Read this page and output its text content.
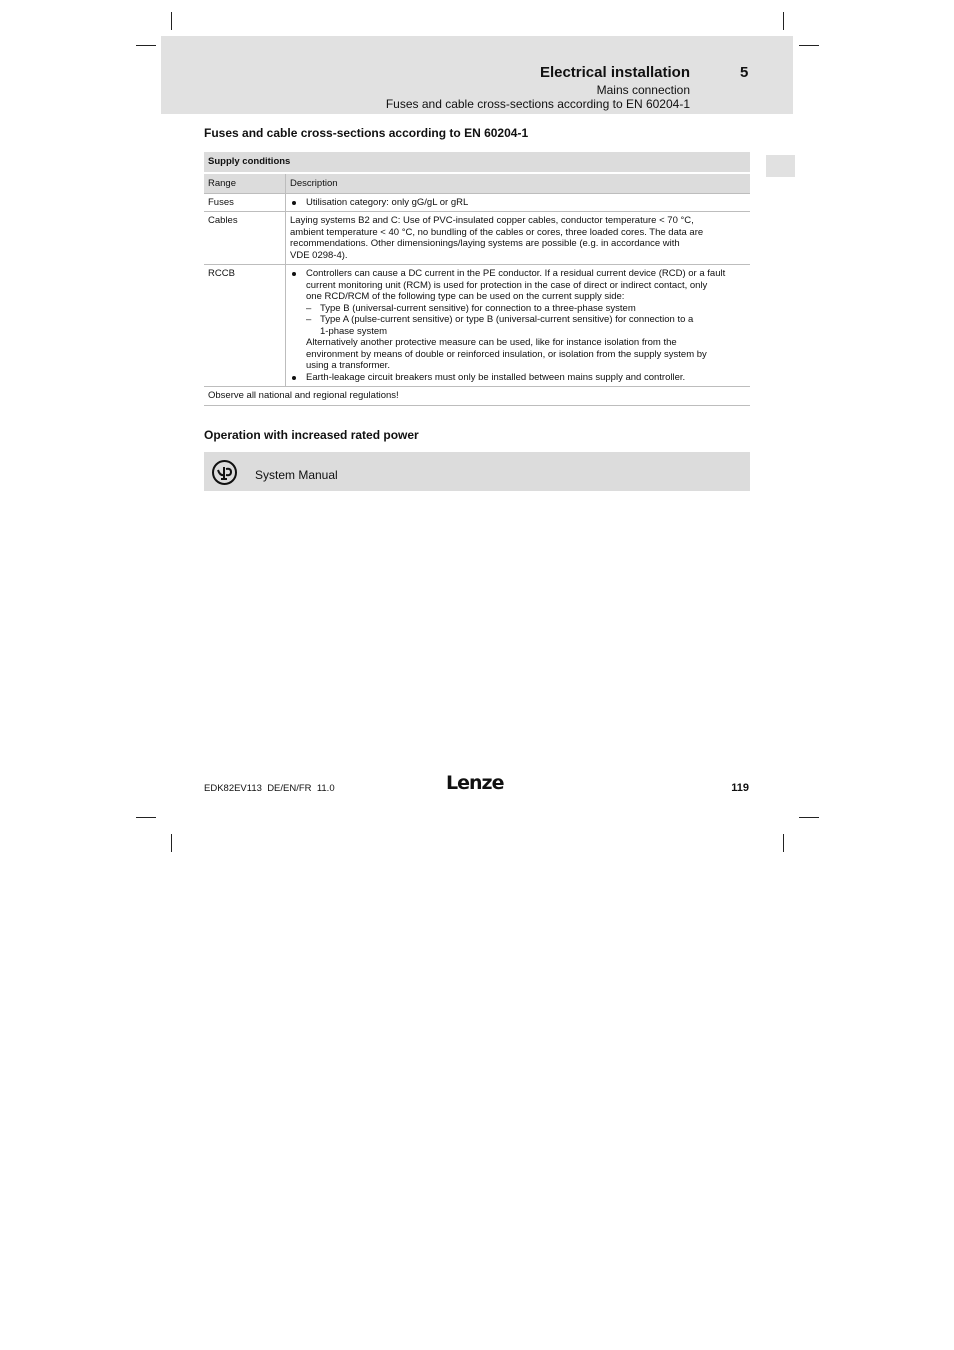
Electrical installation	5
Mains connection
Fuses and cable cross-sections according to EN 60204-1
Fuses and cable cross-sections according to EN 60204-1
Supply conditions
Range	Description
Fuses	Utilisation category: only gG/gL or gRL
Cables	Laying systems B2 and C: Use of PVC-insulated copper cables, conductor temperature < 70 °C,
ambient temperature < 40 °C, no bundling of the cables or cores, three loaded cores. The data are
recommendations. Other dimensionings/laying systems are possible (e.g. in accordance with
VDE 0298-4).
RCCB	Controllers can cause a DC current in the PE conductor. If a residual current device (RCD) or a fault
current monitoring unit (RCM) is used for protection in the case of direct or indirect contact, only
one RCD/RCM of the following type can be used on the current supply side:
– Type B (universal-current sensitive) for connection to a three-phase system
– Type A (pulse-current sensitive) or type B (universal-current sensitive) for connection to a
1-phase system
Alternatively another protective measure can be used, like for instance isolation from the
environment by means of double or reinforced insulation, or isolation from the supply system by
using a transformer.
Earth-leakage circuit breakers must only be installed between mains supply and controller.
Observe all national and regional regulations!
Operation with increased rated power
System Manual
EDK82EV113  DE/EN/FR  11.0	Lenze	119
